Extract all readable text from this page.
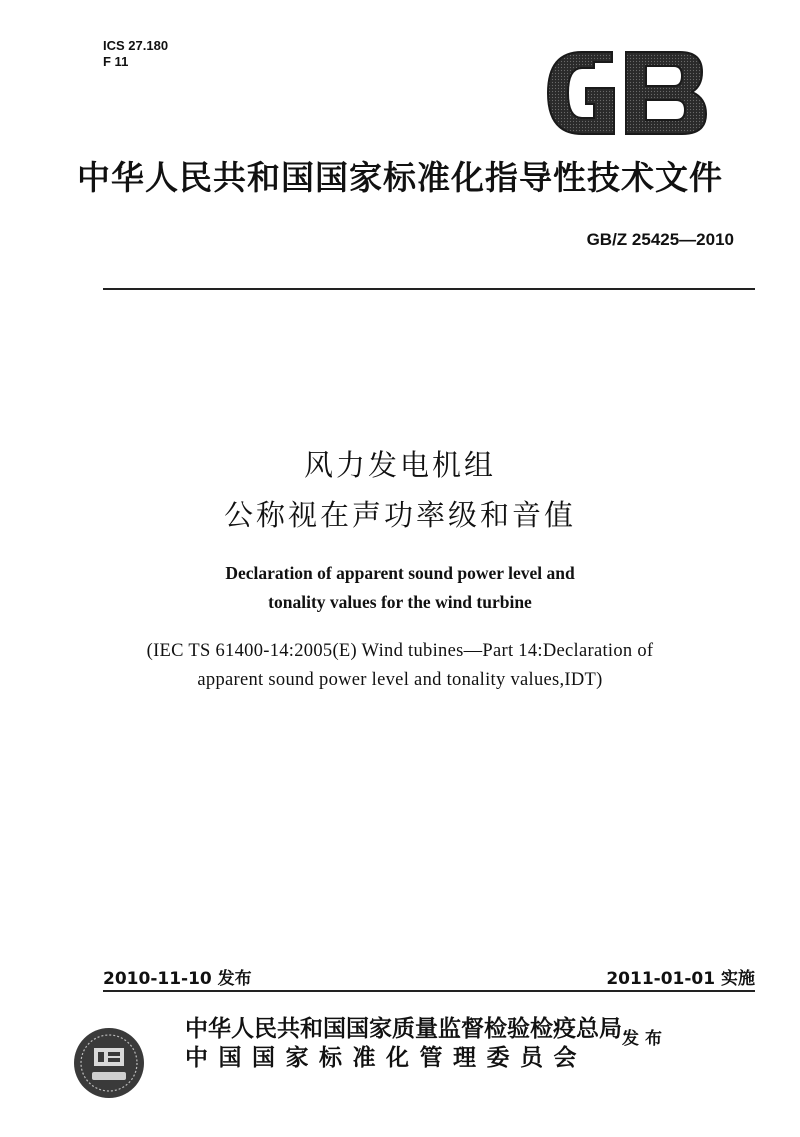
ICS 27.180
F 11
中华人民共和国国家标准化指导性技术文件
GB/Z 25425—2010
风力发电机组
公称视在声功率级和音值
Declaration of apparent sound power level and
tonality values for the wind turbine
(IEC TS 61400-14:2005(E) Wind tubines—Part 14:Declaration of
apparent sound power level and tonality values,IDT)
2010-11-10 发布	2011-01-01 实施
中华人民共和国国家质量监督检验检疫总局
中国国家标准化管理委员会
发布
